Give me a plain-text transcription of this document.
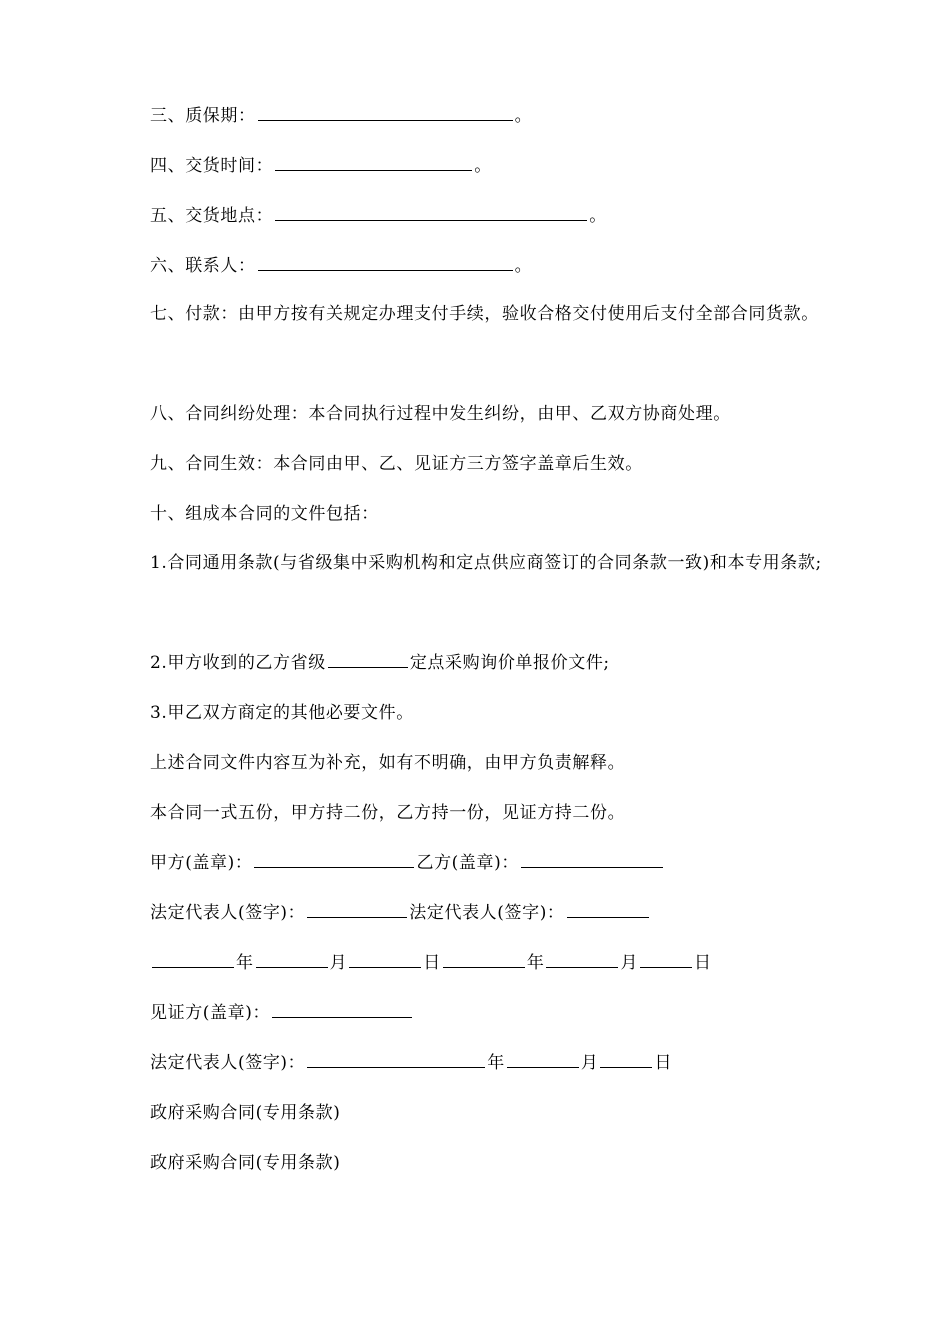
三、质保期：	。
四、交货时间：	。
五、交货地点：	。
六、联系人：	。
七、付款：由甲方按有关规定办理支付手续，验收合格交付使用后支付全部合同货款。
八、合同纠纷处理：本合同执行过程中发生纠纷，由甲、乙双方协商处理。
九、合同生效：本合同由甲、乙、见证方三方签字盖章后生效。
十、组成本合同的文件包括：
1.合同通用条款(与省级集中采购机构和定点供应商签订的合同条款一致)和本专用条款;
2.甲方收到的乙方省级	定点采购询价单报价文件;
3.甲乙双方商定的其他必要文件。
上述合同文件内容互为补充，如有不明确，由甲方负责解释。
本合同一式五份，甲方持二份，乙方持一份，见证方持二份。
甲方(盖章)：	乙方(盖章)：
法定代表人(签字)：	法定代表人(签字)：
年	月	日	年	月	日
见证方(盖章)：
法定代表人(签字)：	年	月	日
政府采购合同(专用条款)
政府采购合同(专用条款)
